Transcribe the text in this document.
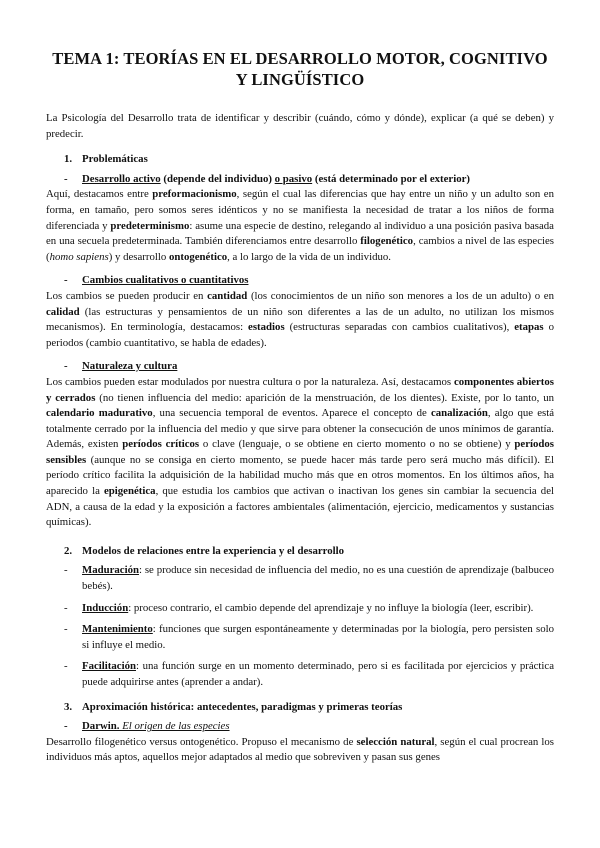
TEMA 1: TEORÍAS EN EL DESARROLLO MOTOR, COGNITIVO Y LINGÜÍSTICO

La Psicología del Desarrollo trata de identificar y describir (cuándo, cómo y dónde), explicar (a qué se deben) y predecir.

1. Problemáticas
- Desarrollo activo (depende del individuo) o pasivo (está determinado por el exterior)

Aquí, destacamos entre preformacionismo, según el cual las diferencias que hay entre un niño y un adulto son en forma, en tamaño, pero somos seres idénticos y no se manifiesta la necesidad de tratar a los niños de forma diferenciada y predeterminismo: asume una especie de destino, relegando al individuo a una posición pasiva basada en una secuela predeterminada. También diferenciamos entre desarrollo filogenético, cambios a nivel de las especies (homo sapiens) y desarrollo ontogenético, a lo largo de la vida de un individuo.

- Cambios cualitativos o cuantitativos

Los cambios se pueden producir en cantidad (los conocimientos de un niño son menores a los de un adulto) o en calidad (las estructuras y pensamientos de un niño son diferentes a las de un adulto, no utilizan los mismos mecanismos). En terminología, destacamos: estadios (estructuras separadas con cambios cualitativos), etapas o periodos (cambio cuantitativo, se habla de edades).

- Naturaleza y cultura

Los cambios pueden estar modulados por nuestra cultura o por la naturaleza. Así, destacamos componentes abiertos y cerrados (no tienen influencia del medio: aparición de la menstruación, de los dientes). Existe, por lo tanto, un calendario madurativo, una secuencia temporal de eventos. Aparece el concepto de canalización, algo que está totalmente cerrado por la influencia del medio y que sirve para obtener la consecución de unos mínimos de garantía. Además, existen períodos críticos o clave (lenguaje, o se obtiene en cierto momento o no se obtiene) y períodos sensibles (aunque no se consiga en cierto momento, se puede hacer más tarde pero será mucho más difícil). El período crítico facilita la adquisición de la habilidad mucho más que en otros momentos. En los últimos años, ha aparecido la epigenética, que estudia los cambios que activan o inactivan los genes sin cambiar la secuencia del ADN, a causa de la edad y la exposición a factores ambientales (alimentación, ejercicio, medicamentos y sustancias químicas).

2. Modelos de relaciones entre la experiencia y el desarrollo
- Maduración: se produce sin necesidad de influencia del medio, no es una cuestión de aprendizaje (balbuceo bebés).
- Inducción: proceso contrario, el cambio depende del aprendizaje y no influye la biología (leer, escribir).
- Mantenimiento: funciones que surgen espontáneamente y determinadas por la biología, pero persisten solo si influye el medio.
- Facilitación: una función surge en un momento determinado, pero si es facilitada por ejercicios y práctica puede adquirirse antes (aprender a andar).
3. Aproximación histórica: antecedentes, paradigmas y primeras teorías
- Darwin. El origen de las especies

Desarrollo filogenético versus ontogenético. Propuso el mecanismo de selección natural, según el cual procrean los individuos más aptos, aquellos mejor adaptados al medio que sobreviven y pasan sus genes
